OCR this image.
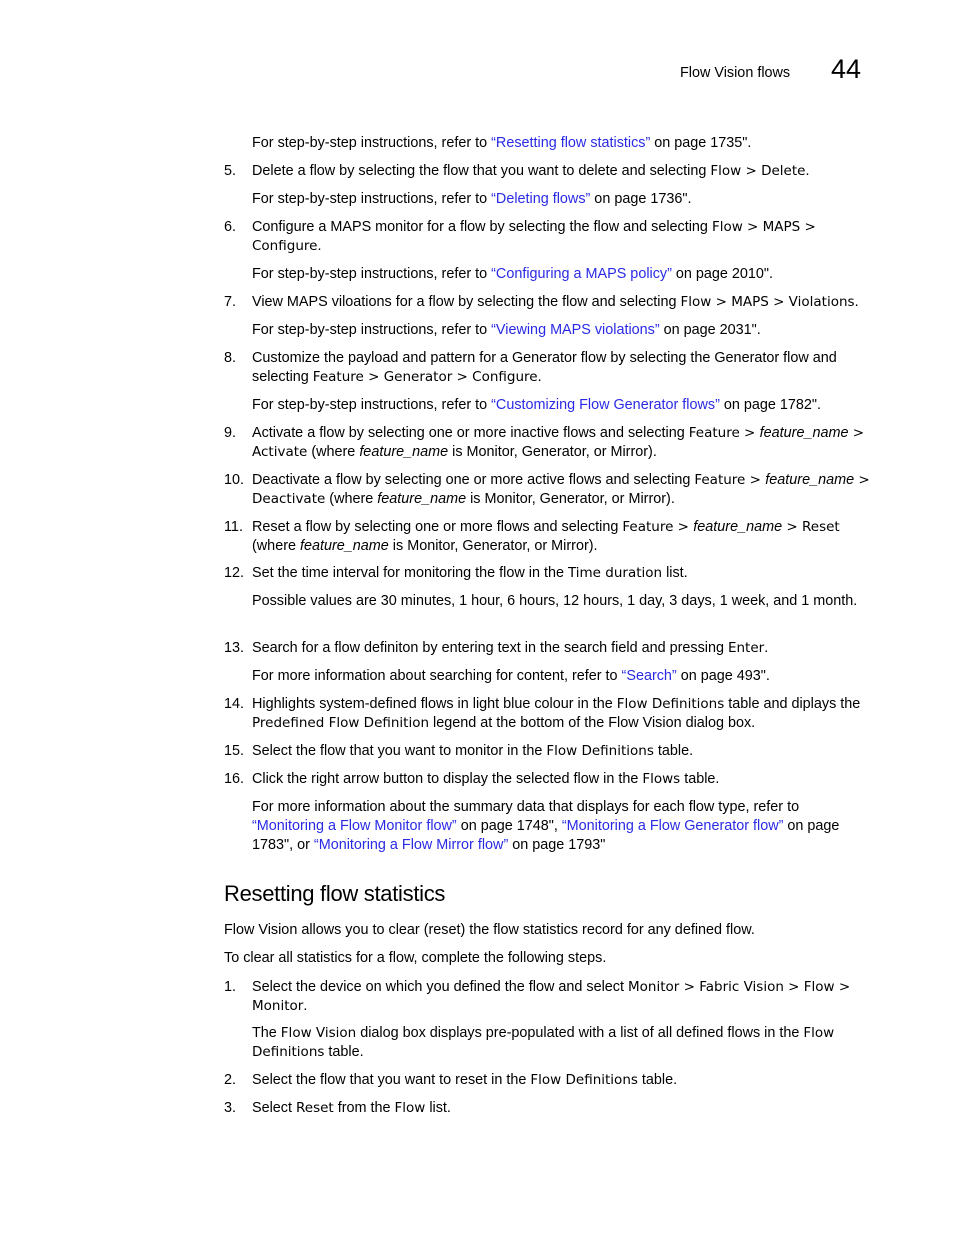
Flow Vision flows 44
For step-by-step instructions, refer to “Resetting flow statistics” on page 1735".
5. Delete a flow by selecting the flow that you want to delete and selecting Flow > Delete.
For step-by-step instructions, refer to “Deleting flows” on page 1736".
6. Configure a MAPS monitor for a flow by selecting the flow and selecting Flow > MAPS > Configure.
For step-by-step instructions, refer to “Configuring a MAPS policy” on page 2010".
7. View MAPS viloations for a flow by selecting the flow and selecting Flow > MAPS > Violations.
For step-by-step instructions, refer to “Viewing MAPS violations” on page 2031".
8. Customize the payload and pattern for a Generator flow by selecting the Generator flow and selecting Feature > Generator > Configure.
For step-by-step instructions, refer to “Customizing Flow Generator flows” on page 1782".
9. Activate a flow by selecting one or more inactive flows and selecting Feature > feature_name > Activate (where feature_name is Monitor, Generator, or Mirror).
10. Deactivate a flow by selecting one or more active flows and selecting Feature > feature_name > Deactivate (where feature_name is Monitor, Generator, or Mirror).
11. Reset a flow by selecting one or more flows and selecting Feature > feature_name > Reset (where feature_name is Monitor, Generator, or Mirror).
12. Set the time interval for monitoring the flow in the Time duration list.
Possible values are 30 minutes, 1 hour, 6 hours, 12 hours, 1 day, 3 days, 1 week, and 1 month.
13. Search for a flow definiton by entering text in the search field and pressing Enter.
For more information about searching for content, refer to “Search” on page 493".
14. Highlights system-defined flows in light blue colour in the Flow Definitions table and diplays the Predefined Flow Definition legend at the bottom of the Flow Vision dialog box.
15. Select the flow that you want to monitor in the Flow Definitions table.
16. Click the right arrow button to display the selected flow in the Flows table.
For more information about the summary data that displays for each flow type, refer to “Monitoring a Flow Monitor flow” on page 1748", “Monitoring a Flow Generator flow” on page 1783", or “Monitoring a Flow Mirror flow” on page 1793"
Resetting flow statistics
Flow Vision allows you to clear (reset) the flow statistics record for any defined flow.
To clear all statistics for a flow, complete the following steps.
1. Select the device on which you defined the flow and select Monitor > Fabric Vision > Flow > Monitor.
The Flow Vision dialog box displays pre-populated with a list of all defined flows in the Flow Definitions table.
2. Select the flow that you want to reset in the Flow Definitions table.
3. Select Reset from the Flow list.
